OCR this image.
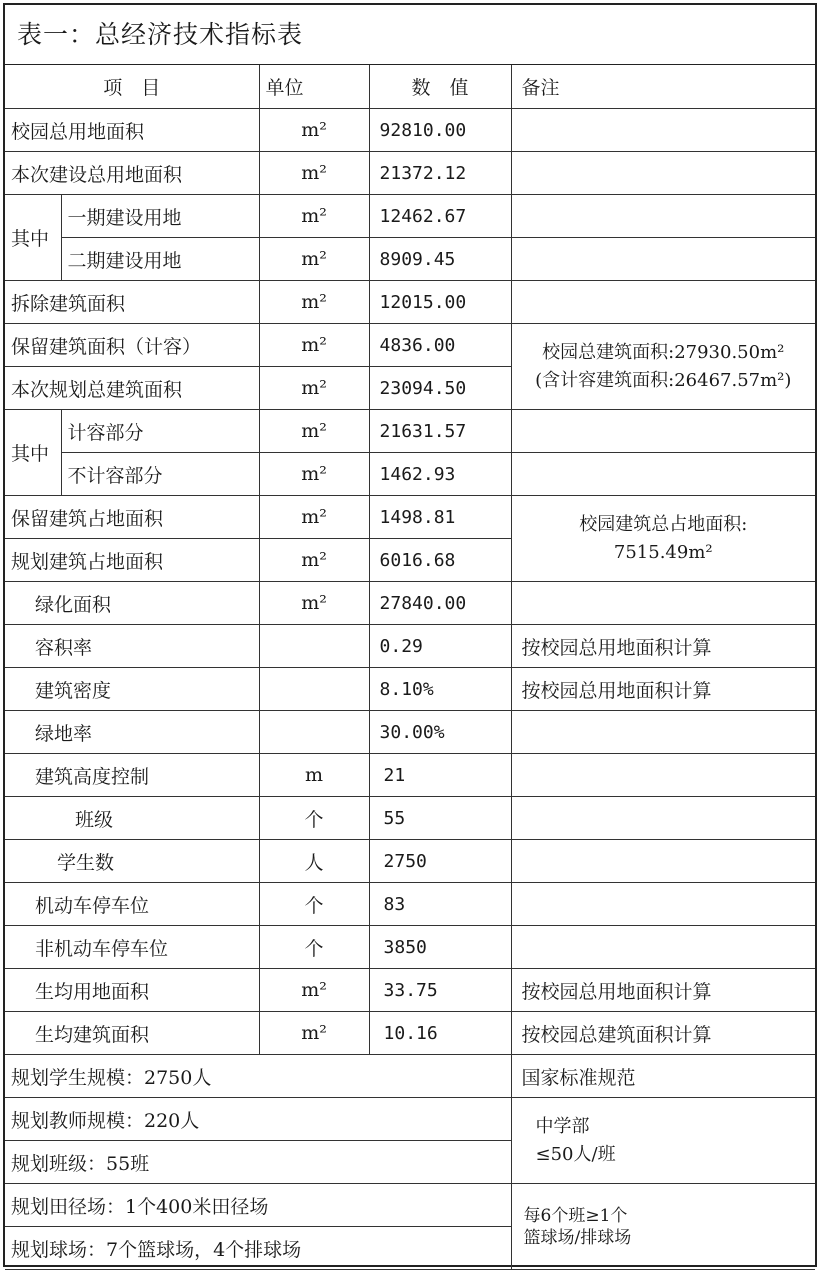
表一：总经济技术指标表
项　目		单位	数　值	备注
校园总用地面积		m²	92810.00	
本次建设总用地面积		m²	21372.12	
其中	一期建设用地	m²	12462.67	
	二期建设用地	m²	8909.45	
拆除建筑面积		m²	12015.00	
保留建筑面积（计容）		m²	4836.00	校园总建筑面积:27930.50m²
(含计容建筑面积:26467.57m²)
本次规划总建筑面积		m²	23094.50	
其中	计容部分	m²	21631.57	
	不计容部分	m²	1462.93	
保留建筑占地面积		m²	1498.81	校园建筑总占地面积:
7515.49m²
规划建筑占地面积		m²	6016.68	
绿化面积		m²	27840.00	
容积率			0.29	按校园总用地面积计算
建筑密度			8.10%	按校园总用地面积计算
绿地率			30.00%	
建筑高度控制		m	21	
班级		个	55	
学生数		人	2750	
机动车停车位		个	83	
非机动车停车位		个	3850	
生均用地面积		m²	33.75	按校园总用地面积计算
生均建筑面积		m²	10.16	按校园总建筑面积计算
规划学生规模：2750人				国家标准规范
规划教师规模：220人				中学部
≤50人/班
规划班级：55班				
规划田径场：1个400米田径场				每6个班≥1个
篮球场/排球场
规划球场：7个篮球场，4个排球场				
